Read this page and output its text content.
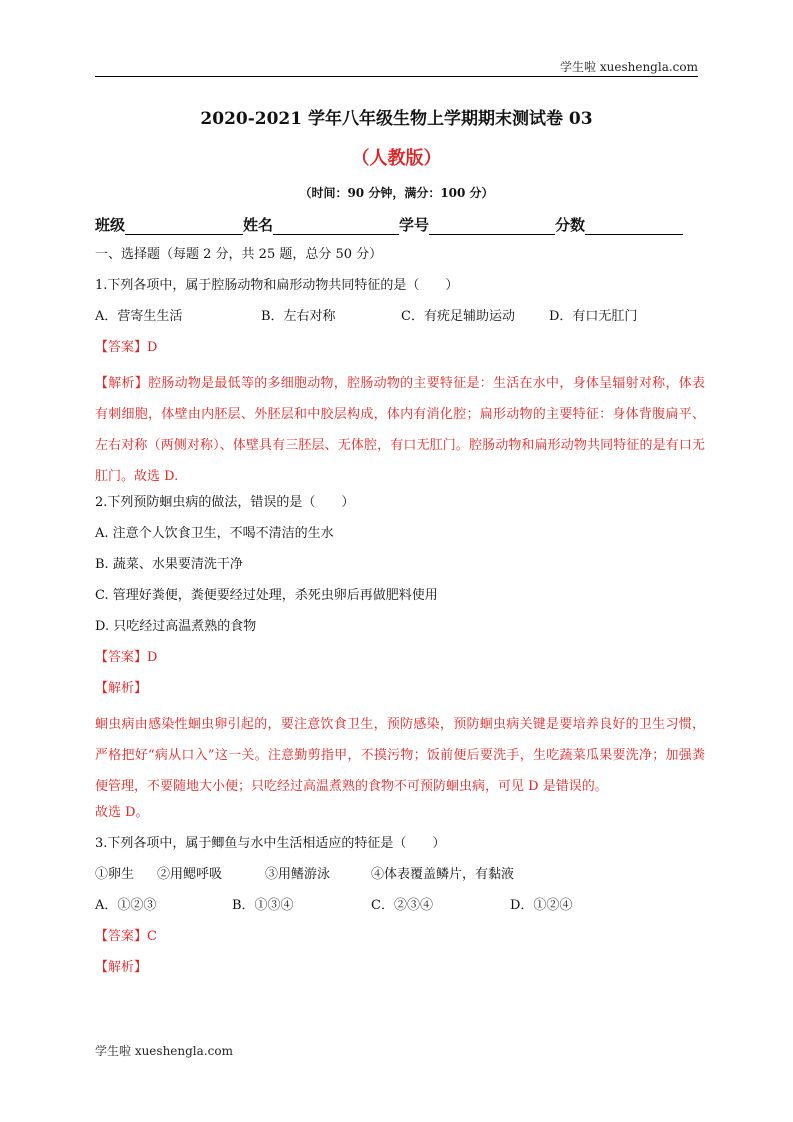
学生啦 xueshengla.com
2020-2021 学年八年级生物上学期期末测试卷 03
（人教版）
（时间：90 分钟，满分：100 分）
班级	姓名	学号	分数
一、选择题（每题 2 分，共 25 题，总分 50 分）
1.下列各项中，属于腔肠动物和扁形动物共同特征的是（　　）
A．营寄生生活	B．左右对称	C．有疣足辅助运动	D．有口无肛门
【答案】D

【解析】腔肠动物是最低等的多细胞动物，腔肠动物的主要特征是：生活在水中，身体呈辐射对称，体表有刺细胞，体壁由内胚层、外胚层和中胶层构成，体内有消化腔；扁形动物的主要特征：身体背腹扁平、左右对称（两侧对称）、体壁具有三胚层、无体腔，有口无肛门。腔肠动物和扁形动物共同特征的是有口无肛门。故选 D.

2.下列预防蛔虫病的做法，错误的是（　　）
A. 注意个人饮食卫生，不喝不清洁的生水
B. 蔬菜、水果要清洗干净
C. 管理好粪便，粪便要经过处理，杀死虫卵后再做肥料使用
D. 只吃经过高温煮熟的食物
【答案】D
【解析】

蛔虫病由感染性蛔虫卵引起的，要注意饮食卫生，预防感染，预防蛔虫病关键是要培养良好的卫生习惯，严格把好“病从口入”这一关。注意勤剪指甲，不摸污物；饭前便后要洗手，生吃蔬菜瓜果要洗净；加强粪便管理，不要随地大小便；只吃经过高温煮熟的食物不可预防蛔虫病，可见 D 是错误的。

故选 D。
3.下列各项中，属于鲫鱼与水中生活相适应的特征是（　　）
①卵生	②用鳃呼吸	③用鳍游泳	④体表覆盖鳞片，有黏液
A．①②③	B．①③④	C．②③④	D．①②④
【答案】C
【解析】
学生啦 xueshengla.com
